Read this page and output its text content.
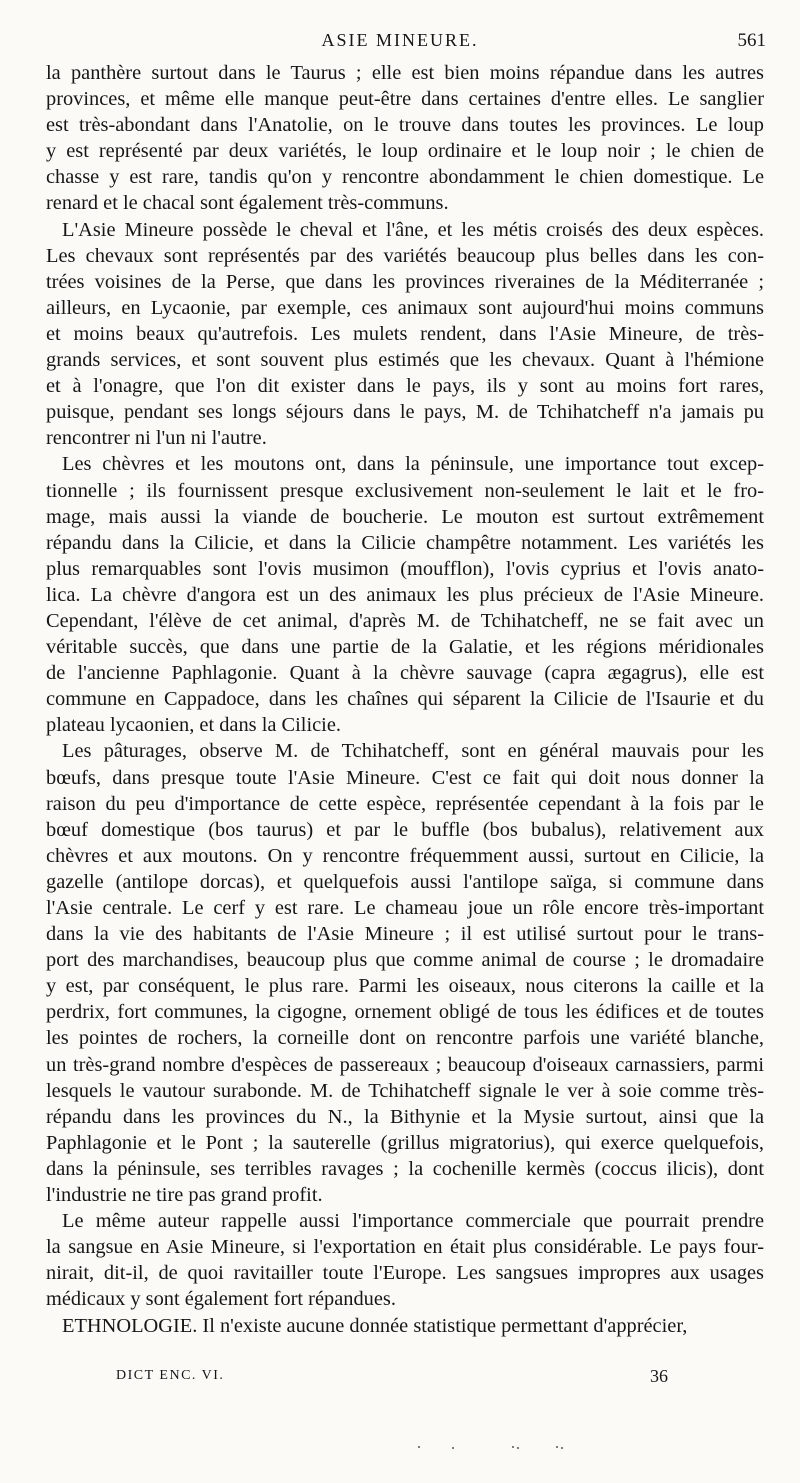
ASIE MINEURE.	561
la panthère surtout dans le Taurus ; elle est bien moins répandue dans les autres
provinces, et même elle manque peut-être dans certaines d'entre elles. Le sanglier
est très-abondant dans l'Anatolie, on le trouve dans toutes les provinces. Le loup
y est représenté par deux variétés, le loup ordinaire et le loup noir ; le chien de
chasse y est rare, tandis qu'on y rencontre abondamment le chien domestique. Le
renard et le chacal sont également très-communs.
L'Asie Mineure possède le cheval et l'âne, et les métis croisés des deux espèces.
Les chevaux sont représentés par des variétés beaucoup plus belles dans les con-
trées voisines de la Perse, que dans les provinces riveraines de la Méditerranée ;
ailleurs, en Lycaonie, par exemple, ces animaux sont aujourd'hui moins communs
et moins beaux qu'autrefois. Les mulets rendent, dans l'Asie Mineure, de très-
grands services, et sont souvent plus estimés que les chevaux. Quant à l'hémione
et à l'onagre, que l'on dit exister dans le pays, ils y sont au moins fort rares,
puisque, pendant ses longs séjours dans le pays, M. de Tchihatcheff n'a jamais pu
rencontrer ni l'un ni l'autre.
Les chèvres et les moutons ont, dans la péninsule, une importance tout excep-
tionnelle ; ils fournissent presque exclusivement non-seulement le lait et le fro-
mage, mais aussi la viande de boucherie. Le mouton est surtout extrêmement
répandu dans la Cilicie, et dans la Cilicie champêtre notamment. Les variétés les
plus remarquables sont l'ovis musimon (moufflon), l'ovis cyprius et l'ovis anato-
lica. La chèvre d'angora est un des animaux les plus précieux de l'Asie Mineure.
Cependant, l'élève de cet animal, d'après M. de Tchihatcheff, ne se fait avec un
véritable succès, que dans une partie de la Galatie, et les régions méridionales
de l'ancienne Paphlagonie. Quant à la chèvre sauvage (capra ægagrus), elle est
commune en Cappadoce, dans les chaînes qui séparent la Cilicie de l'Isaurie et du
plateau lycaonien, et dans la Cilicie.
Les pâturages, observe M. de Tchihatcheff, sont en général mauvais pour les
bœufs, dans presque toute l'Asie Mineure. C'est ce fait qui doit nous donner la
raison du peu d'importance de cette espèce, représentée cependant à la fois par le
bœuf domestique (bos taurus) et par le buffle (bos bubalus), relativement aux
chèvres et aux moutons. On y rencontre fréquemment aussi, surtout en Cilicie, la
gazelle (antilope dorcas), et quelquefois aussi l'antilope saïga, si commune dans
l'Asie centrale. Le cerf y est rare. Le chameau joue un rôle encore très-important
dans la vie des habitants de l'Asie Mineure ; il est utilisé surtout pour le trans-
port des marchandises, beaucoup plus que comme animal de course ; le dromadaire
y est, par conséquent, le plus rare. Parmi les oiseaux, nous citerons la caille et la
perdrix, fort communes, la cigogne, ornement obligé de tous les édifices et de toutes
les pointes de rochers, la corneille dont on rencontre parfois une variété blanche,
un très-grand nombre d'espèces de passereaux ; beaucoup d'oiseaux carnassiers, parmi
lesquels le vautour surabonde. M. de Tchihatcheff signale le ver à soie comme très-
répandu dans les provinces du N., la Bithynie et la Mysie surtout, ainsi que la
Paphlagonie et le Pont ; la sauterelle (grillus migratorius), qui exerce quelquefois,
dans la péninsule, ses terribles ravages ; la cochenille kermès (coccus ilicis), dont
l'industrie ne tire pas grand profit.
Le même auteur rappelle aussi l'importance commerciale que pourrait prendre
la sangsue en Asie Mineure, si l'exportation en était plus considérable. Le pays four-
nirait, dit-il, de quoi ravitailler toute l'Europe. Les sangsues impropres aux usages
médicaux y sont également fort répandues.
ETHNOLOGIE. Il n'existe aucune donnée statistique permettant d'apprécier,
DICT ENC. VI.	36
